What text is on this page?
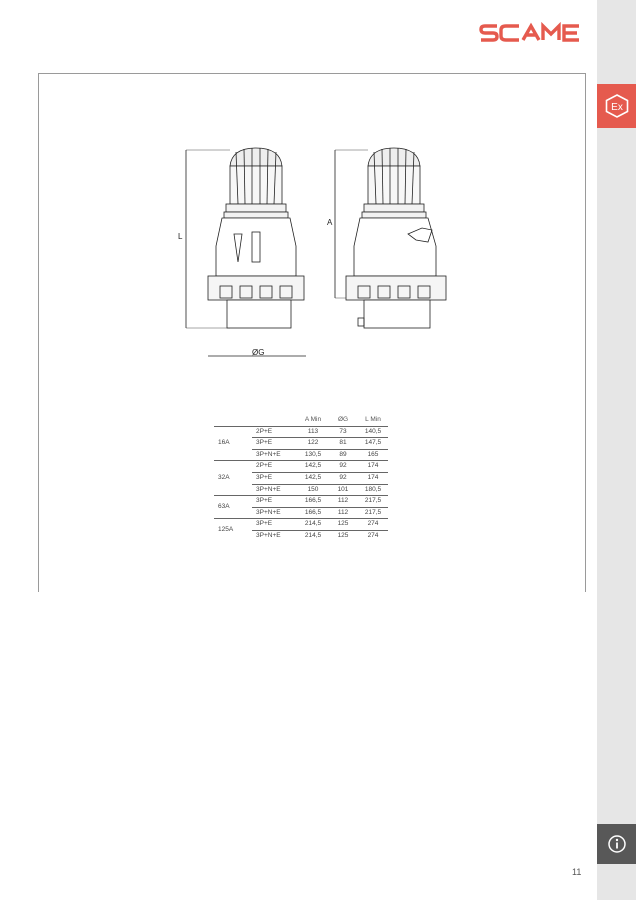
Ex
L
A
ØG
		A Min	ØG	L Min
16A	2P+E	113	73	140,5
	3P+E	122	81	147,5
	3P+N+E	130,5	89	165
32A	2P+E	142,5	92	174
	3P+E	142,5	92	174
	3P+N+E	150	101	180,5
63A	3P+E	166,5	112	217,5
	3P+N+E	166,5	112	217,5
125A	3P+E	214,5	125	274
	3P+N+E	214,5	125	274
11
